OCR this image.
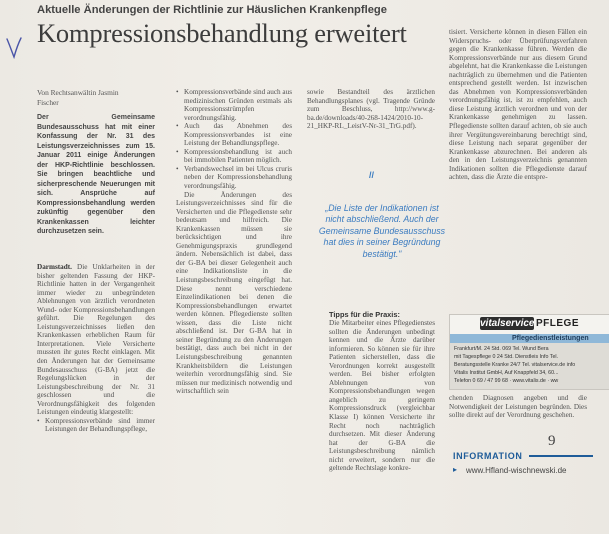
Aktuelle Änderungen der Richtlinie zur Häuslichen Krankenpflege
Kompressionsbehandlung erweitert
Von Rechtsanwältin Jasmin
Fischer
Der Gemeinsame Bundesausschuss hat mit einer Konfassung der Nr. 31 des Leistungsverzeichnisses zum 15. Januar 2011 einige Änderungen der HKP-Richtlinie beschlossen. Sie bringen beachtliche und sicherpreschende Neuerungen mit sich. Ansprüche auf Kompressionsbehandlung werden zukünftig gegenüber den Krankenkassen leichter durchzusetzen sein.
Darmstadt. Die Unklarheiten in der bisher geltenden Fassung der HKP-Richtlinie hatten in der Vergangenheit immer wieder zu unbegründeten Ablehnungen von ärztlich verordneten Wund- oder Kompressionsbehandlungen geführt. Die Regelungen des Leistungsverzeichnisses ließen den Krankenkassen erheblichen Raum für Interpretationen. Viele Versicherte mussten ihr gutes Recht einklagen. Mit den Änderungen hat der Gemeinsame Bundesausschuss (G-BA) jetzt die Regelungslücken in der Leistungsbeschreibung der Nr. 31 geschlossen und die Verordnungsfähigkeit des folgenden Leistungen eindeutig klargestellt:
• Kompressionsverbände sind immer Leistungen der Behandlungspflege,
• Kompressionsverbände sind auch aus medizinischen Gründen erstmals als Kompressionsstrümpfen verordnungsfähig.
• Auch das Abnehmen des Kompressionsverbandes ist eine Leistung der Behandlungspflege.
• Kompressionsbehandlung ist auch bei immobilen Patienten möglich.
• Verbandswechsel im bei Ulcus cruris neben der Kompressionsbehandlung verordnungsfähig.
Die Änderungen des Leistungsverzeichnisses sind für die Versicherten und die Pflegedienste sehr bedeutsam und hilfreich. Die Krankenkassen müssen sie berücksichtigen und ihre Genehmigungspraxis grundlegend ändern. Nebensächlich ist dabei, dass der G-BA bei dieser Gelegenheit auch eine Indikationsliste in die Leistungsbeschreibung eingefügt hat. Diese nennt verschiedene Einzelindikationen bei denen die Kompressionsbehandlungen erwartet werden können. Pflegedienste sollten wissen, dass die Liste nicht abschließend ist. Der G-BA hat in seiner Begründung zu den Änderungen bestätigt, dass auch bei nicht in der Leistungsbeschreibung genannten Krankheitsbildern die Leistungen weiterhin verordnungsfähig sind. Sie müssen nur medizinisch notwendig und wirtschaftlich sein
sowie Bestandteil des ärztlichen Behandlungsplanes (vgl. Tragende Gründe zum Beschluss, http://www.g-ba.de/downloads/40-268-1424/2010-10-21_HKP-RL_LeistV-Nr-31_TrG.pdf).
//
„Die Liste der Indikationen ist nicht abschließend. Auch der Gemeinsame Bundesausschuss hat dies in seiner Begründung bestätigt."
Tipps für die Praxis:
Die Mitarbeiter eines Pflegedienstes sollten die Änderungen unbedingt kennen und die Ärzte darüber informieren. So können sie für ihre Patienten sicherstellen, dass die Verordnungen korrekt ausgestellt werden. Bei bisher erfolgten Ablehnungen von Kompressionsbehandlungen wegen angeblich zu geringem Kompressionsdruck (vergleichbar Klasse I) können Versicherte ihr Recht noch nachträglich durchsetzen. Mit dieser Änderung hat der G-BA die Leistungsbeschreibung nämlich nicht erweitert, sondern nur die geltende Rechtslage konkre-
tisiert. Versicherte können in diesen Fällen ein Widerspruchs- oder Überprüfungsverfahren gegen die Krankenkasse führen. Werden die Kompressionsverbände nur aus diesem Grund abgelehnt, hat die Krankenkasse die Leistungen nachträglich zu übernehmen und die Patienten entsprechend gestellt werden. Ist inzwischen das Abnehmen von Kompressionsverbänden verordnungsfähig ist, ist zu empfehlen, auch diese Leistung ärztlich verordnen und von der Krankenkasse genehmigen zu lassen. Pflegedienste sollten darauf achten, ob sie auch ihrer Vergütungsvereinbarung berechtigt sind, diese Leistung nach separat gegenüber der Krankenkasse abzurechnen. Bei anderen als den in den Leistungsverzeichnis genannten Indikationen sollten die Pflegedienste darauf achten, dass die Ärzte die entspre-
vitalservice PFLEGE
Pflegedienstleistungen
Frankfurt/M. 24 Std. 069 Tel. Wund Bera
mit Tagespflege 0 24 Std. Dienstleis Info Tel.
Beratungsstelle Kranke 24/7 Tel. vitalservice.de info
Vitalis Institut GmbH, Auf Knappfeld 34, 60...
Telefon 0 69 / 47 99 68 · www.vitalis.de · ww
chenden Diagnosen angeben und die Notwendigkeit der Leistungen begründen. Dies sollte direkt auf der Verordnung geschehen.
9
INFORMATION
▸ www.Hfland-wischnewski.de
